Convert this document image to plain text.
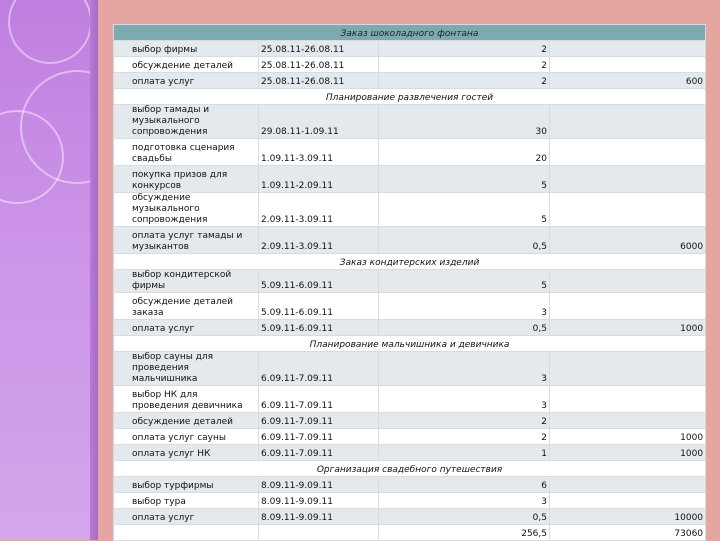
Заказ шоколадного фонтана			

выбор фирмы	25.08.11-26.08.11	2	

обсуждение деталей	25.08.11-26.08.11	2	

оплата услуг	25.08.11-26.08.11	2	600
Планирование развлечения гостей			

выбор тамады и музыкального сопровождения	29.08.11-1.09.11	30	

подготовка сценария свадьбы	1.09.11-3.09.11	20	

покупка призов для конкурсов	1.09.11-2.09.11	5	

обсуждение музыкального сопровождения	2.09.11-3.09.11	5	

оплата услуг тамады и музыкантов	2.09.11-3.09.11	0,5	6000
Заказ кондитерских изделий			

выбор кондитерской фирмы	5.09.11-6.09.11	5	

обсуждение деталей заказа	5.09.11-6.09.11	3	

оплата услуг	5.09.11-6.09.11	0,5	1000
Планирование мальчишника и девичника			

выбор сауны для проведения мальчишника	6.09.11-7.09.11	3	

выбор НК для проведения девичника	6.09.11-7.09.11	3	

обсуждение деталей	6.09.11-7.09.11	2	

оплата услуг сауны	6.09.11-7.09.11	2	1000

оплата услуг НК	6.09.11-7.09.11	1	1000
Организация свадебного путешествия			

выбор турфирмы	8.09.11-9.09.11	6	

выбор тура	8.09.11-9.09.11	3	

оплата услуг	8.09.11-9.09.11	0,5	10000
		256,5	73060
